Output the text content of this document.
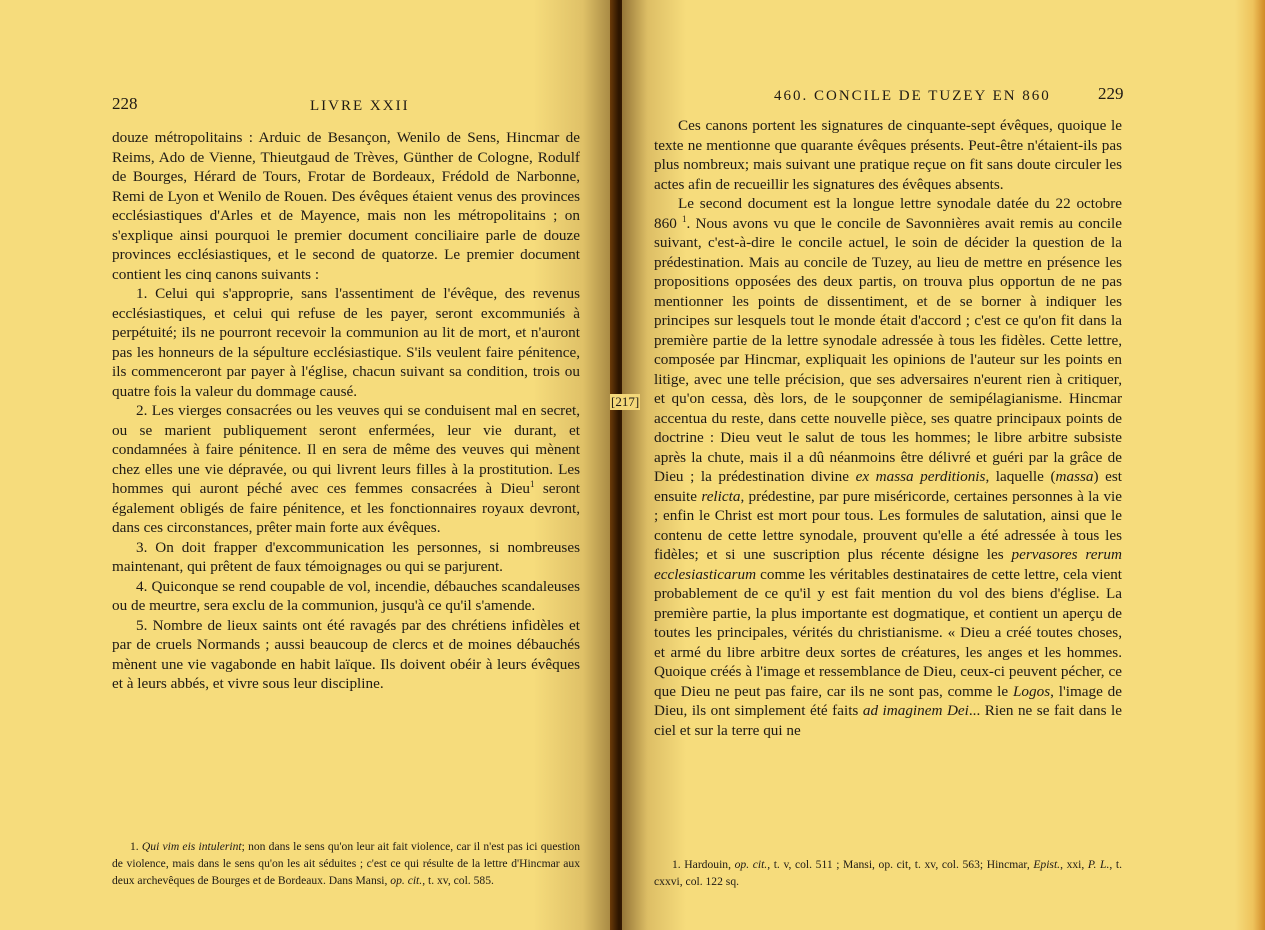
228	LIVRE XXII

douze métropolitains : Arduic de Besançon, Wenilo de Sens, Hincmar de Reims, Ado de Vienne, Thieutgaud de Trèves, Günther de Cologne, Rodulf de Bourges, Hérard de Tours, Frotar de Bordeaux, Frédold de Narbonne, Remi de Lyon et Wenilo de Rouen. Des évêques étaient venus des provinces ecclésiastiques d'Arles et de Mayence, mais non les métropolitains ; on s'explique ainsi pourquoi le premier document conciliaire parle de douze provinces ecclésiastiques, et le second de quatorze. Le premier document contient les cinq canons suivants :

1. Celui qui s'approprie, sans l'assentiment de l'évêque, des revenus ecclésiastiques, et celui qui refuse de les payer, seront excommuniés à perpétuité; ils ne pourront recevoir la communion au lit de mort, et n'auront pas les honneurs de la sépulture ecclésiastique. S'ils veulent faire pénitence, ils commenceront par payer à l'église, chacun suivant sa condition, trois ou quatre fois la valeur du dommage causé.

2. Les vierges consacrées ou les veuves qui se conduisent mal en secret, ou se marient publiquement seront enfermées, leur vie durant, et condamnées à faire pénitence. Il en sera de même des veuves qui mènent chez elles une vie dépravée, ou qui livrent leurs filles à la prostitution. Les hommes qui auront péché avec ces femmes consacrées à Dieu$^1$ seront également obligés de faire pénitence, et les fonctionnaires royaux devront, dans ces circonstances, prêter main forte aux évêques.

3. On doit frapper d'excommunication les personnes, si nombreuses maintenant, qui prêtent de faux témoignages ou qui se parjurent.

4. Quiconque se rend coupable de vol, incendie, débauches scandaleuses ou de meurtre, sera exclu de la communion, jusqu'à ce qu'il s'amende.

5. Nombre de lieux saints ont été ravagés par des chrétiens infidèles et par de cruels Normands ; aussi beaucoup de clercs et de moines débauchés mènent une vie vagabonde en habit laïque. Ils doivent obéir à leurs évêques et à leurs abbés, et vivre sous leur discipline.

1. Qui vim eis intulerint; non dans le sens qu'on leur ait fait violence, car il n'est pas ici question de violence, mais dans le sens qu'on les ait séduites ; c'est ce qui résulte de la lettre d'Hincmar aux deux archevêques de Bourges et de Bordeaux. Dans Mansi, op. cit., t. xv, col. 585.

460. CONCILE DE TUZEY EN 860	229

Ces canons portent les signatures de cinquante-sept évêques, quoique le texte ne mentionne que quarante évêques présents. Peut-être n'étaient-ils pas plus nombreux; mais suivant une pratique reçue on fit sans doute circuler les actes afin de recueillir les signatures des évêques absents.

Le second document est la longue lettre synodale datée du 22 octobre 860 $^1$. Nous avons vu que le concile de Savonnières avait remis au concile suivant, c'est-à-dire le concile actuel, le soin de décider la question de la prédestination. Mais au concile de Tuzey, au lieu de mettre en présence les propositions opposées des deux partis, on trouva plus opportun de ne pas mentionner les points de dissentiment, et de se borner à indiquer les principes sur lesquels tout le monde était d'accord ; c'est ce qu'on fit dans la première partie de la lettre synodale adressée à tous les fidèles. Cette lettre, composée par Hincmar, expliquait les opinions de l'auteur sur les points en litige, avec une telle précision, que ses adversaires n'eurent rien à critiquer, et qu'on cessa, dès lors, de le soupçonner de semipélagianisme. Hincmar accentua du reste, dans cette nouvelle pièce, ses quatre principaux points de doctrine : Dieu veut le salut de tous les hommes; le libre arbitre subsiste après la chute, mais il a dû néanmoins être délivré et guéri par la grâce de Dieu ; la prédestination divine ex massa perditionis, laquelle (massa) est ensuite relicta, prédestine, par pure miséricorde, certaines personnes à la vie ; enfin le Christ est mort pour tous. Les formules de salutation, ainsi que le contenu de cette lettre synodale, prouvent qu'elle a été adressée à tous les fidèles; et si une suscription plus récente désigne les pervasores rerum ecclesiasticarum comme les véritables destinataires de cette lettre, cela vient probablement de ce qu'il y est fait mention du vol des biens d'église. La première partie, la plus importante est dogmatique, et contient un aperçu de toutes les principales, vérités du christianisme. « Dieu a créé toutes choses, et armé du libre arbitre deux sortes de créatures, les anges et les hommes. Quoique créés à l'image et ressemblance de Dieu, ceux-ci peuvent pécher, ce que Dieu ne peut pas faire, car ils ne sont pas, comme le Logos, l'image de Dieu, ils ont simplement été faits ad imaginem Dei... Rien ne se fait dans le ciel et sur la terre qui ne

1. Hardouin, op. cit., t. v, col. 511 ; Mansi, op. cit, t. xv, col. 563; Hincmar, Epist., xxi, P. L., t. cxxvi, col. 122 sq.

[217]
